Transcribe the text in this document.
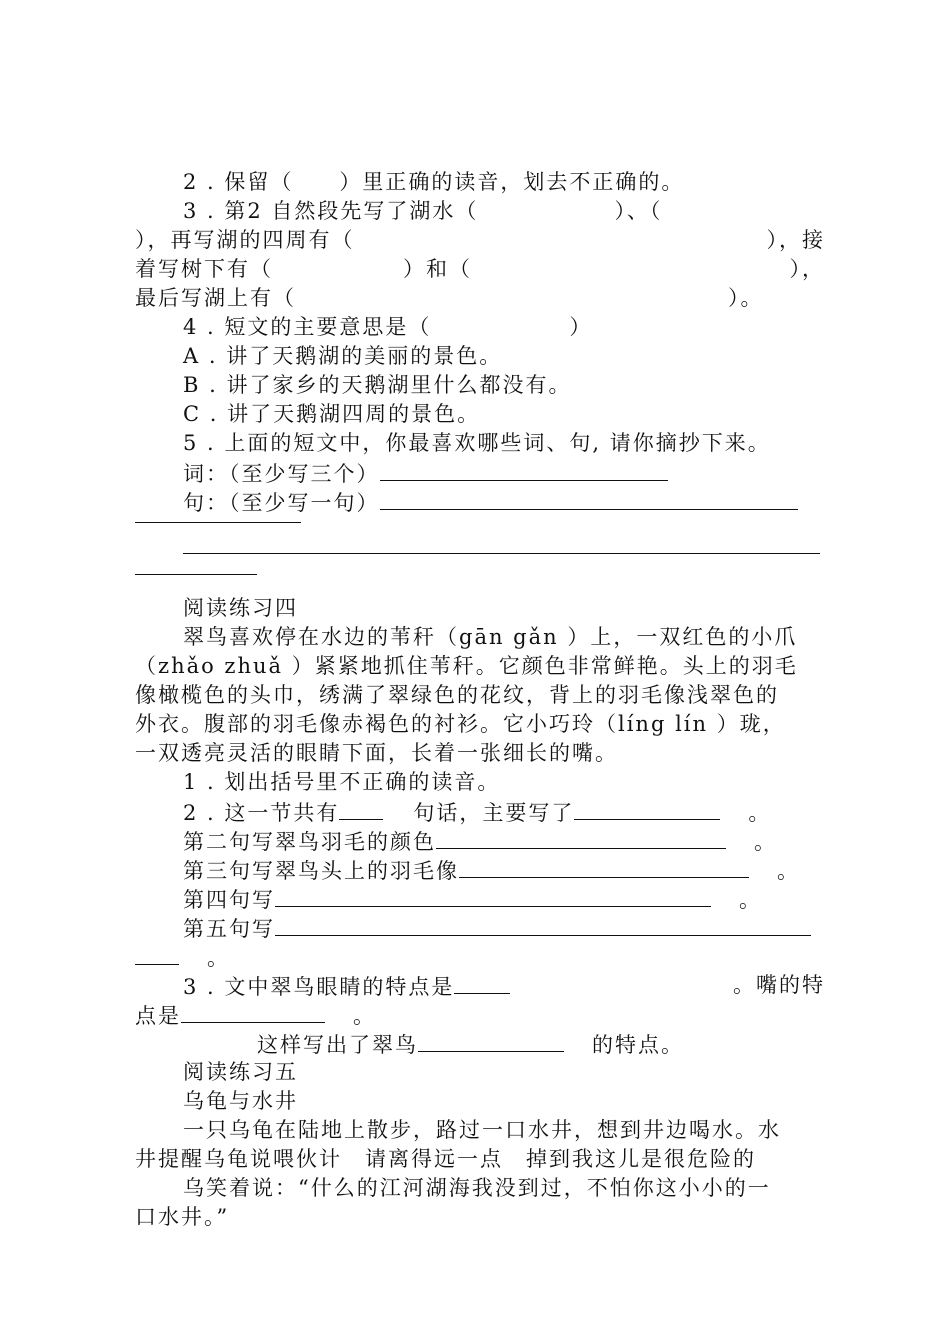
2 . 保留（　　）里正确的读音，划去不正确的。
3 . 第2 自然段先写了湖水（	）、（
），再写湖的四周有（	），接
着写树下有（	）和（	），
最后写湖上有（	）。
4 . 短文的主要意思是（　　　　　　）
A . 讲了天鹅湖的美丽的景色。
B . 讲了家乡的天鹅湖里什么都没有。
C . 讲了天鹅湖四周的景色。
5 . 上面的短文中，你最喜欢哪些词、句, 请你摘抄下来。
词：（至少写三个）
句：（至少写一句）
阅读练习四
翠鸟喜欢停在水边的苇秆（gān gǎn ）上，一双红色的小爪
（zhǎo zhuǎ ）紧紧地抓住苇秆。它颜色非常鲜艳。头上的羽毛
像橄榄色的头巾，绣满了翠绿色的花纹，背上的羽毛像浅翠色的
外衣。腹部的羽毛像赤褐色的衬衫。它小巧玲（líng lín ）珑，
一双透亮灵活的眼睛下面，长着一张细长的嘴。
1 . 划出括号里不正确的读音。
2 . 这一节共有	句话，主要写了	。
第二句写翠鸟羽毛的颜色	。
第三句写翠鸟头上的羽毛像	。
第四句写	。
第五句写
。
3 . 文中翠鸟眼睛的特点是	。嘴的特
点是	。
这样写出了翠鸟	的特点。
阅读练习五
乌龟与水井
一只乌龟在陆地上散步，路过一口水井，想到井边喝水。水
井提醒乌龟说喂伙计　请离得远一点　掉到我这儿是很危险的
乌笑着说：“什么的江河湖海我没到过，不怕你这小小的一
口水井。”
